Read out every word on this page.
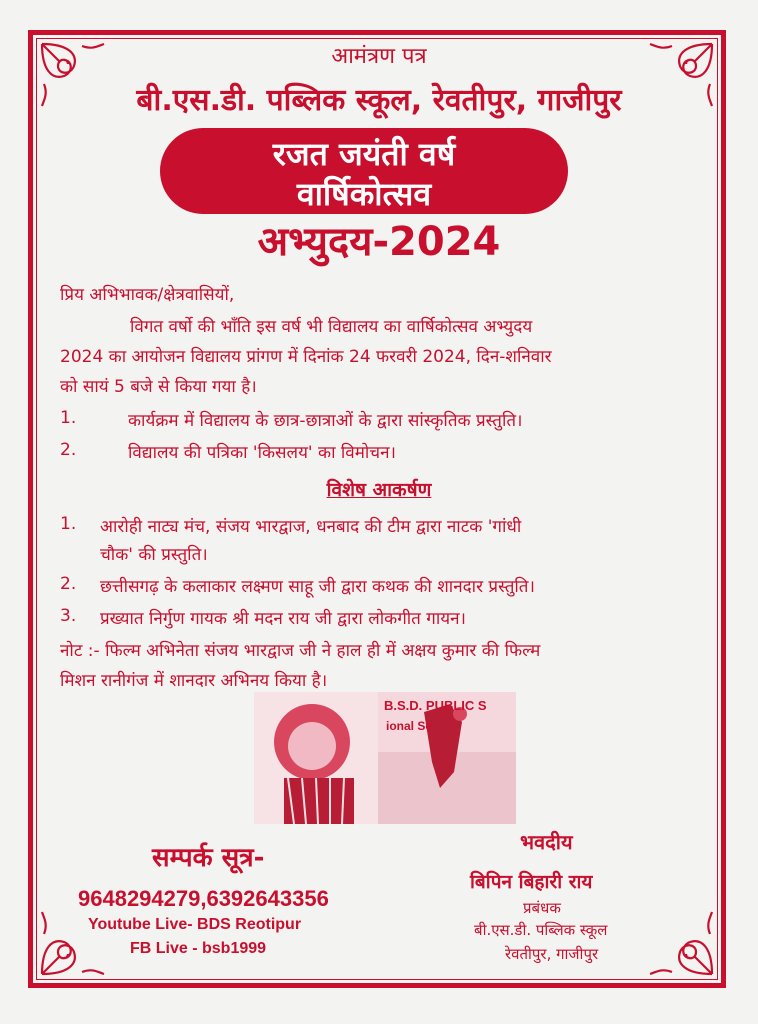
आमंत्रण पत्र
बी.एस.डी. पब्लिक स्कूल, रेवतीपुर, गाजीपुर
रजत जयंती वर्ष
वार्षिकोत्सव
अभ्युदय-2024
प्रिय अभिभावक/क्षेत्रवासियों,
विगत वर्षो की भाँति इस वर्ष भी विद्यालय का वार्षिकोत्सव अभ्युदय
2024 का आयोजन विद्यालय प्रांगण में दिनांक 24 फरवरी 2024, दिन-शनिवार
को सायं 5 बजे से किया गया है।
1.	कार्यक्रम में विद्यालय के छात्र-छात्राओं के द्वारा सांस्कृतिक प्रस्तुति।
2.	विद्यालय की पत्रिका 'किसलय' का विमोचन।
विशेष आकर्षण
1. आरोही नाट्य मंच, संजय भारद्वाज, धनबाद की टीम द्वारा नाटक 'गांधी
चौक' की प्रस्तुति।
2. छत्तीसगढ़ के कलाकार लक्ष्मण साहू जी द्वारा कथक की शानदार प्रस्तुति।
3. प्रख्यात निर्गुण गायक श्री मदन राय जी द्वारा लोकगीत गायन।
नोट :- फिल्म अभिनेता संजय भारद्वाज जी ने हाल ही में अक्षय कुमार की फिल्म
मिशन रानीगंज में शानदार अभिनय किया है।
B.S.D. PUBLIC S
ional Se
सम्पर्क सूत्र-
9648294279,6392643356
Youtube Live- BDS Reotipur
FB Live - bsb1999
भवदीय
बिपिन बिहारी राय
प्रबंधक
बी.एस.डी. पब्लिक स्कूल
रेवतीपुर, गाजीपुर
